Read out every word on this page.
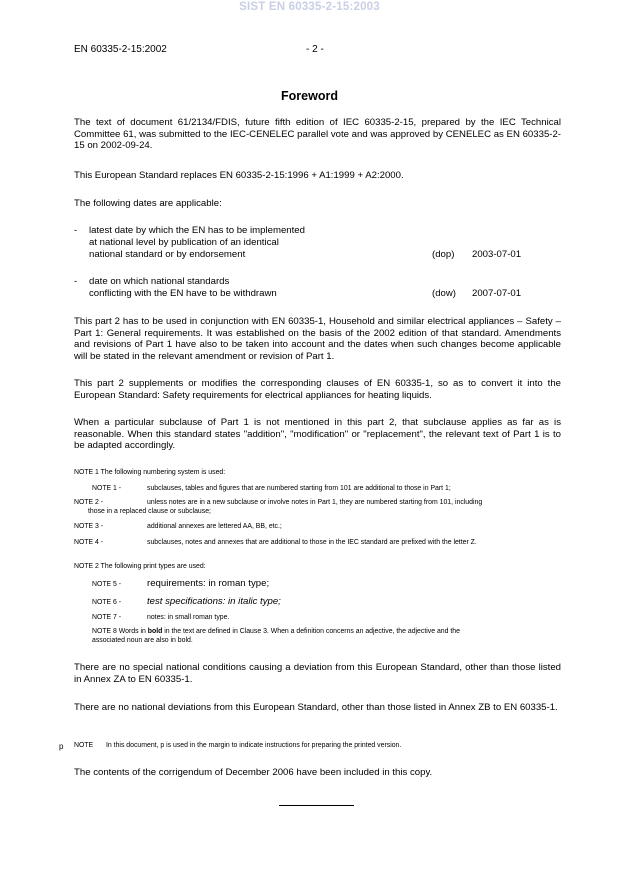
SIST EN 60335-2-15:2003
EN 60335-2-15:2002	- 2 -
Foreword
The text of document 61/2134/FDIS, future fifth edition of IEC 60335-2-15, prepared by the IEC Technical Committee 61, was submitted to the IEC-CENELEC parallel vote and was approved by CENELEC as EN 60335-2-15 on 2002-09-24.
This European Standard replaces EN 60335-2-15:1996 + A1:1999 + A2:2000.
The following dates are applicable:
- latest date by which the EN has to be implemented
at national level by publication of an identical
national standard or by endorsement	(dop) 2003-07-01
- date on which national standards
conflicting with the EN have to be withdrawn	(dow) 2007-07-01
This part 2 has to be used in conjunction with EN 60335-1, Household and similar electrical appliances – Safety – Part 1: General requirements. It was established on the basis of the 2002 edition of that standard. Amendments and revisions of Part 1 have also to be taken into account and the dates when such changes become applicable will be stated in the relevant amendment or revision of Part 1.
This part 2 supplements or modifies the corresponding clauses of EN 60335-1, so as to convert it into the European Standard: Safety requirements for electrical appliances for heating liquids.
When a particular subclause of Part 1 is not mentioned in this part 2, that subclause applies as far as is reasonable. When this standard states "addition", "modification" or "replacement", the relevant text of Part 1 is to be adapted accordingly.
NOTE 1 The following numbering system is used:
NOTE 1 -	subclauses, tables and figures that are numbered starting from 101 are additional to those in Part 1;
NOTE 2 -	unless notes are in a new subclause or involve notes in Part 1, they are numbered starting from 101, including
those in a replaced clause or subclause;
NOTE 3 -	additional annexes are lettered AA, BB, etc.;
NOTE 4 -	subclauses, notes and annexes that are additional to those in the IEC standard are prefixed with the letter Z.
NOTE 2 The following print types are used:
NOTE 5 -	requirements: in roman type;
NOTE 6 -	test specifications: in italic type;
NOTE 7 -	notes: in small roman type.
NOTE 8 Words in bold in the text are defined in Clause 3. When a definition concerns an adjective, the adjective and the
associated noun are also in bold.
There are no special national conditions causing a deviation from this European Standard, other than those listed in Annex ZA to EN 60335-1.
There are no national deviations from this European Standard, other than those listed in Annex ZB to EN 60335-1.
p NOTE In this document, p is used in the margin to indicate instructions for preparing the printed version.
The contents of the corrigendum of December 2006 have been included in this copy.
